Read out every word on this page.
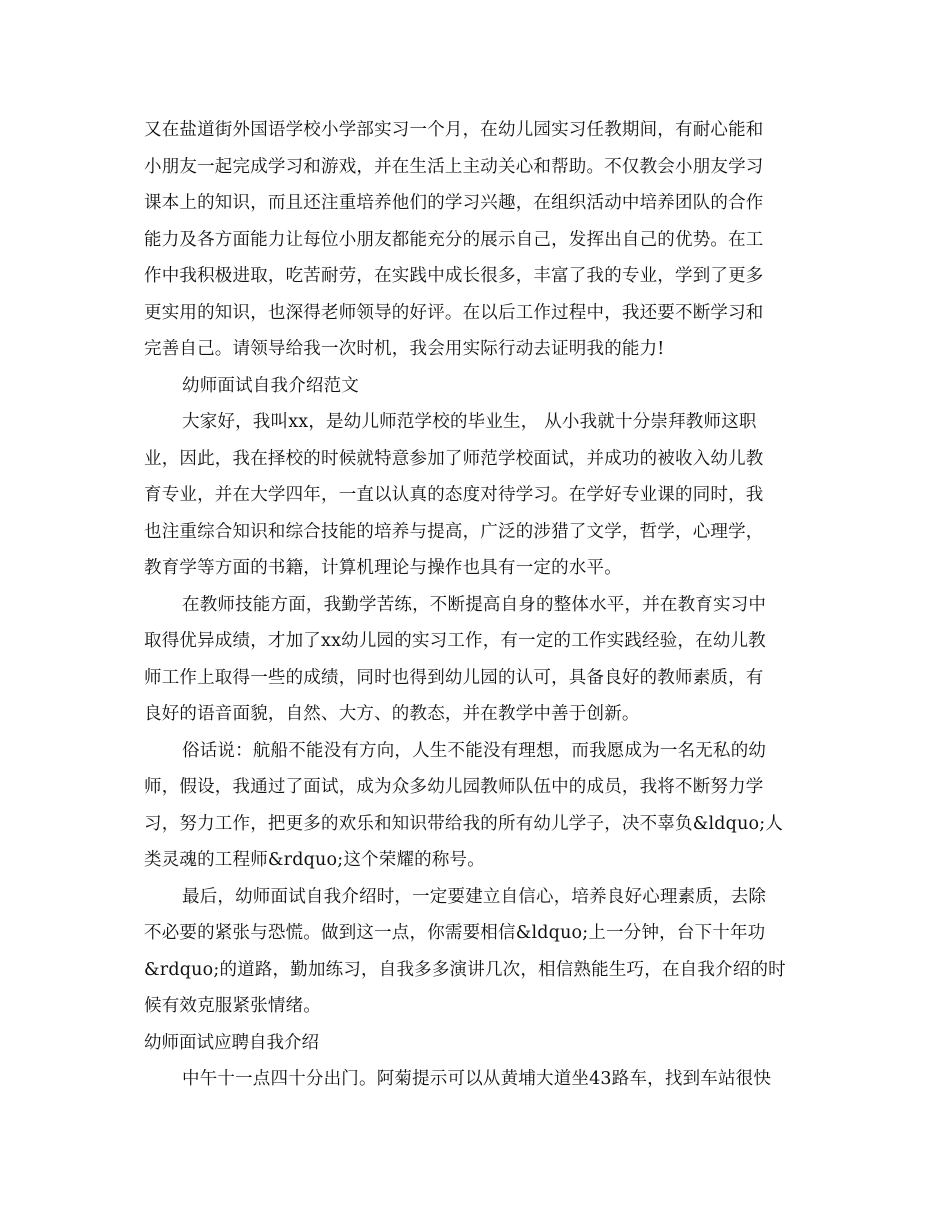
又在盐道街外国语学校小学部实习一个月，在幼儿园实习任教期间，有耐心能和
小朋友一起完成学习和游戏，并在生活上主动关心和帮助。不仅教会小朋友学习
课本上的知识，而且还注重培养他们的学习兴趣，在组织活动中培养团队的合作
能力及各方面能力让每位小朋友都能充分的展示自己，发挥出自己的优势。在工
作中我积极进取，吃苦耐劳，在实践中成长很多，丰富了我的专业，学到了更多
更实用的知识，也深得老师领导的好评。在以后工作过程中，我还要不断学习和
完善自己。请领导给我一次时机，我会用实际行动去证明我的能力!
幼师面试自我介绍范文
大家好，我叫xx，是幼儿师范学校的毕业生， 从小我就十分崇拜教师这职
业，因此，我在择校的时候就特意参加了师范学校面试，并成功的被收入幼儿教
育专业，并在大学四年，一直以认真的态度对待学习。在学好专业课的同时，我
也注重综合知识和综合技能的培养与提高，广泛的涉猎了文学，哲学，心理学，
教育学等方面的书籍，计算机理论与操作也具有一定的水平。
在教师技能方面，我勤学苦练，不断提高自身的整体水平，并在教育实习中
取得优异成绩，才加了xx幼儿园的实习工作，有一定的工作实践经验，在幼儿教
师工作上取得一些的成绩，同时也得到幼儿园的认可，具备良好的教师素质，有
良好的语音面貌，自然、大方、的教态，并在教学中善于创新。
俗话说：航船不能没有方向，人生不能没有理想，而我愿成为一名无私的幼
师，假设，我通过了面试，成为众多幼儿园教师队伍中的成员，我将不断努力学
习，努力工作，把更多的欢乐和知识带给我的所有幼儿学子，决不辜负&ldquo;人
类灵魂的工程师&rdquo;这个荣耀的称号。
最后，幼师面试自我介绍时，一定要建立自信心，培养良好心理素质，去除
不必要的紧张与恐慌。做到这一点，你需要相信&ldquo;上一分钟，台下十年功
&rdquo;的道路，勤加练习，自我多多演讲几次，相信熟能生巧，在自我介绍的时
候有效克服紧张情绪。
幼师面试应聘自我介绍
中午十一点四十分出门。阿菊提示可以从黄埔大道坐43路车，找到车站很快
